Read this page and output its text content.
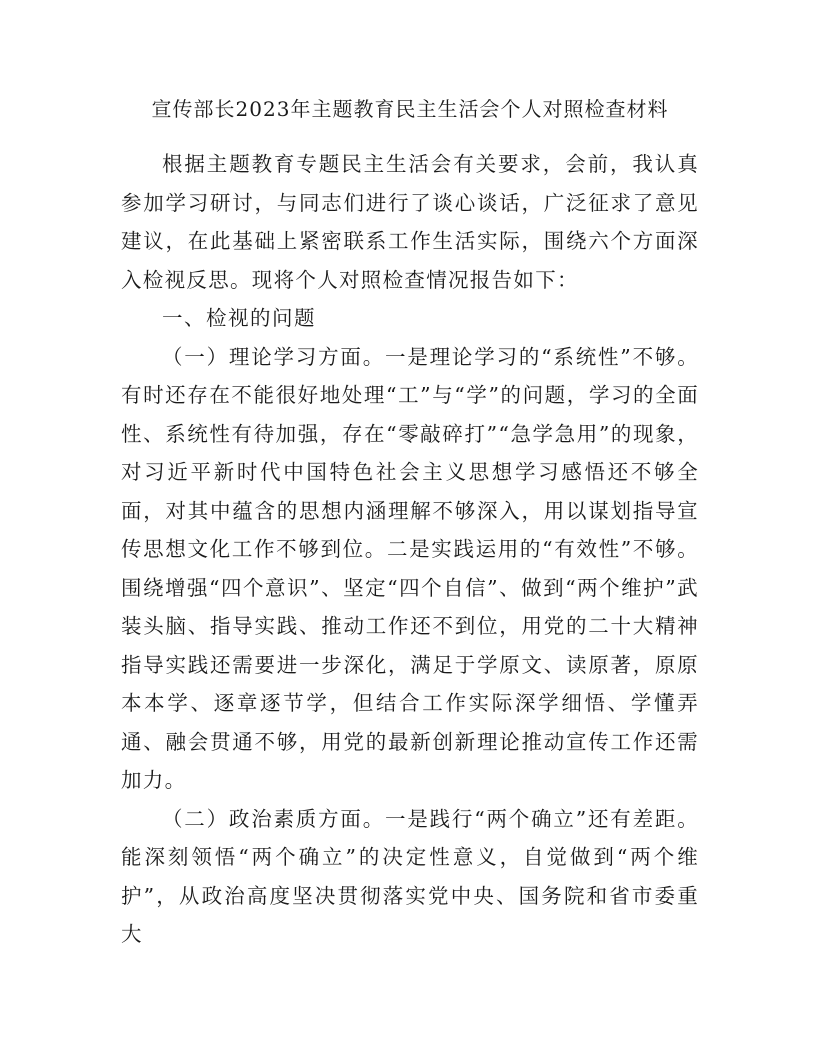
宣传部长2023年主题教育民主生活会个人对照检查材料

根据主题教育专题民主生活会有关要求，会前，我认真参加学习研讨，与同志们进行了谈心谈话，广泛征求了意见建议，在此基础上紧密联系工作生活实际，围绕六个方面深入检视反思。现将个人对照检查情况报告如下：

一、检视的问题

（一）理论学习方面。一是理论学习的“系统性”不够。有时还存在不能很好地处理“工”与“学”的问题，学习的全面性、系统性有待加强，存在“零敲碎打”“急学急用”的现象，对习近平新时代中国特色社会主义思想学习感悟还不够全面，对其中蕴含的思想内涵理解不够深入，用以谋划指导宣传思想文化工作不够到位。二是实践运用的“有效性”不够。围绕增强“四个意识”、坚定“四个自信”、做到“两个维护”武装头脑、指导实践、推动工作还不到位，用党的二十大精神指导实践还需要进一步深化，满足于学原文、读原著，原原本本学、逐章逐节学，但结合工作实际深学细悟、学懂弄通、融会贯通不够，用党的最新创新理论推动宣传工作还需加力。

（二）政治素质方面。一是践行“两个确立”还有差距。能深刻领悟“两个确立”的决定性意义，自觉做到“两个维护”，从政治高度坚决贯彻落实党中央、国务院和省市委重大
